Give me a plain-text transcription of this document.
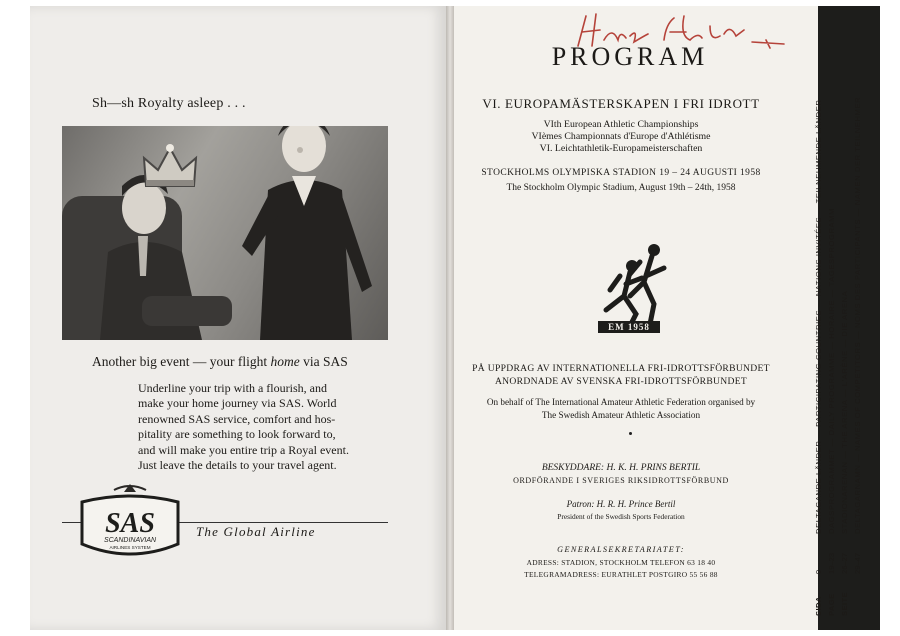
Sh—sh Royalty asleep . . .
Another big event — your flight home via SAS
Underline your trip with a flourish, and
make your home journey via SAS. World
renowned SAS service, comfort and hos-
pitality are something to look forward to,
and will make you entire trip a Royal event.
Just leave the details to your travel agent.
SAS
SCANDINAVIAN
AIRLINES SYSTEM
The Global Airline
PROGRAM
VI. EUROPAMÄSTERSKAPEN I FRI IDROTT
VIth European Athletic Championships
VIèmes Championnats d'Europe d'Athlétisme
VI. Leichtathletik-Europameisterschaften
STOCKHOLMS OLYMPISKA STADION 19 – 24 AUGUSTI 1958
The Stockholm Olympic Stadium, August 19th – 24th, 1958
EM 1958
PÅ UPPDRAG AV INTERNATIONELLA FRI-IDROTTSFÖRBUNDET
ANORDNADE AV SVENSKA FRI-IDROTTSFÖRBUNDET
On behalf of The International Amateur Athletic Federation organised by
The Swedish Amateur Athletic Association
BESKYDDARE: H. K. H. PRINS BERTIL
ORDFÖRANDE I SVERIGES RIKSIDROTTSFÖRBUND
Patron: H. R. H. Prince Bertil
President of the Swedish Sports Federation
GENERALSEKRETARIATET:
ADRESS: STADION, STOCKHOLM TELEFON 63 18 40
TELEGRAMADRESS: EURATHLET POSTGIRO 55 56 88
SIDA
9
DELTAGANDE LÄNDER — PARTICIPATING COUNTRIES — NATIONS INVITÉES — TEILNEHMENDE LÄNDER
PAGE
19–23
DAGSPROGRAMMET — DAILY PROGRAMME — HORAIRE — TAGESPROGRAMM
SEITE
26–27
STADIONARENAN — THE ARENA — L'ARÈNE — DIE ARENA
29–47
DELTAGARNAMN — NAMES OF COMPETITORS — NOMS DES PARTICIPANTS — NAMEN DER TEILNEHMER
